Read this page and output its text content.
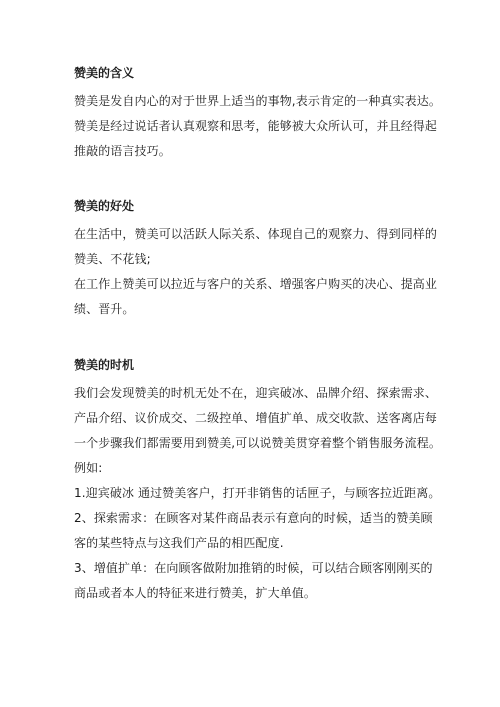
赞美的含义

赞美是发自内心的对于世界上适当的事物,表示肯定的一种真实表达。

赞美是经过说话者认真观察和思考，能够被大众所认可，并且经得起

推敲的语言技巧。

赞美的好处

在生活中，赞美可以活跃人际关系、体现自己的观察力、得到同样的

赞美、不花钱;

在工作上赞美可以拉近与客户的关系、增强客户购买的决心、提高业

绩、晋升。

赞美的时机

我们会发现赞美的时机无处不在，迎宾破冰、品牌介绍、探索需求、

产品介绍、议价成交、二级控单、增值扩单、成交收款、送客离店每

一个步骤我们都需要用到赞美,可以说赞美贯穿着整个销售服务流程。

例如:

1.迎宾破冰 通过赞美客户，打开非销售的话匣子，与顾客拉近距离。

2、探索需求：在顾客对某件商品表示有意向的时候，适当的赞美顾

客的某些特点与这我们产品的相匹配度.

3、增值扩单：在向顾客做附加推销的时候，可以结合顾客刚刚买的

商品或者本人的特征来进行赞美，扩大单值。
